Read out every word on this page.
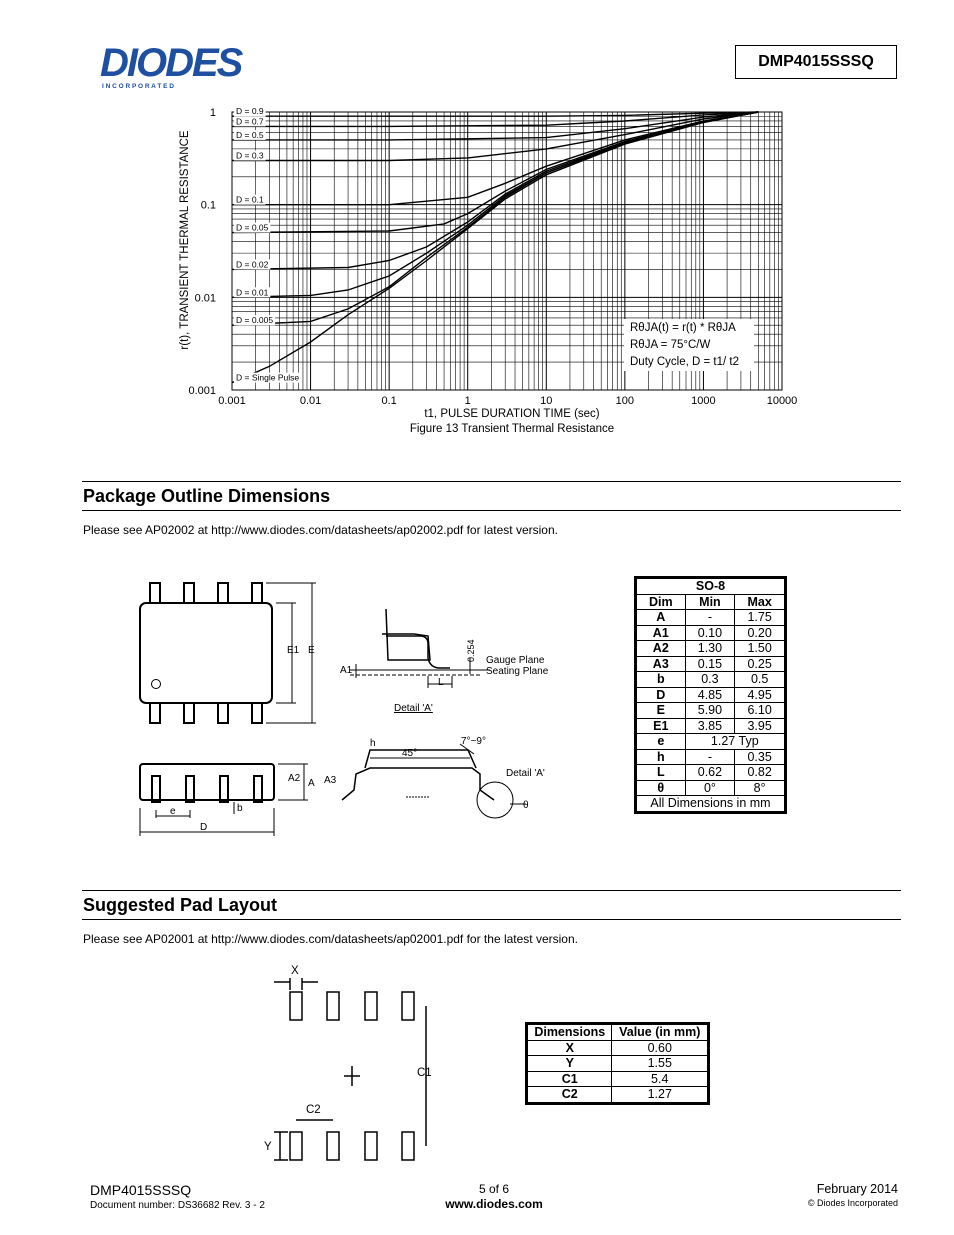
DIODES
I N C O R P O R A T E D
DMP4015SSSQ
D = 0.9
D = 0.7
D = 0.5
D = 0.3
D = 0.1
D = 0.05
D = 0.02
D = 0.01
D = 0.005
D = Single Pulse
0.001	0.01	0.1	1	10	100	1000	10000
1
0.1
0.01
0.001
t1, PULSE DURATION TIME (sec)
Figure 13 Transient Thermal Resistance
r(t), TRANSIENT THERMAL RESISTANCE	RθJA(t) = r(t) * RθJA
RθJA = 75°C/W
Duty Cycle, D = t1/ t2
Package Outline Dimensions
Please see AP02002 at http://www.diodes.com/datasheets/ap02002.pdf for latest version.
E1 E
A1
L
0.254 Gauge Plane
Seating Plane
Detail 'A'
h
45°
7°~9°
A2 A A3
Detail 'A'
θ
e	b
D
SO-8		
Dim	Min	Max
A	-	1.75
A1	0.10	0.20
A2	1.30	1.50
A3	0.15	0.25
b	0.3	0.5
D	4.85	4.95
E	5.90	6.10
E1	3.85	3.95
e	1.27 Typ	
h	-	0.35
L	0.62	0.82
θ	0°	8°
All Dimensions in mm		
Suggested Pad Layout
Please see AP02001 at http://www.diodes.com/datasheets/ap02001.pdf for the latest version.
X
Y
C1
C2
Dimensions	Value (in mm)
X	0.60
Y	1.55
C1	5.4
C2	1.27
DMP4015SSSQ
Document number: DS36682 Rev. 3 - 2
5 of 6
www.diodes.com
February 2014
© Diodes Incorporated
